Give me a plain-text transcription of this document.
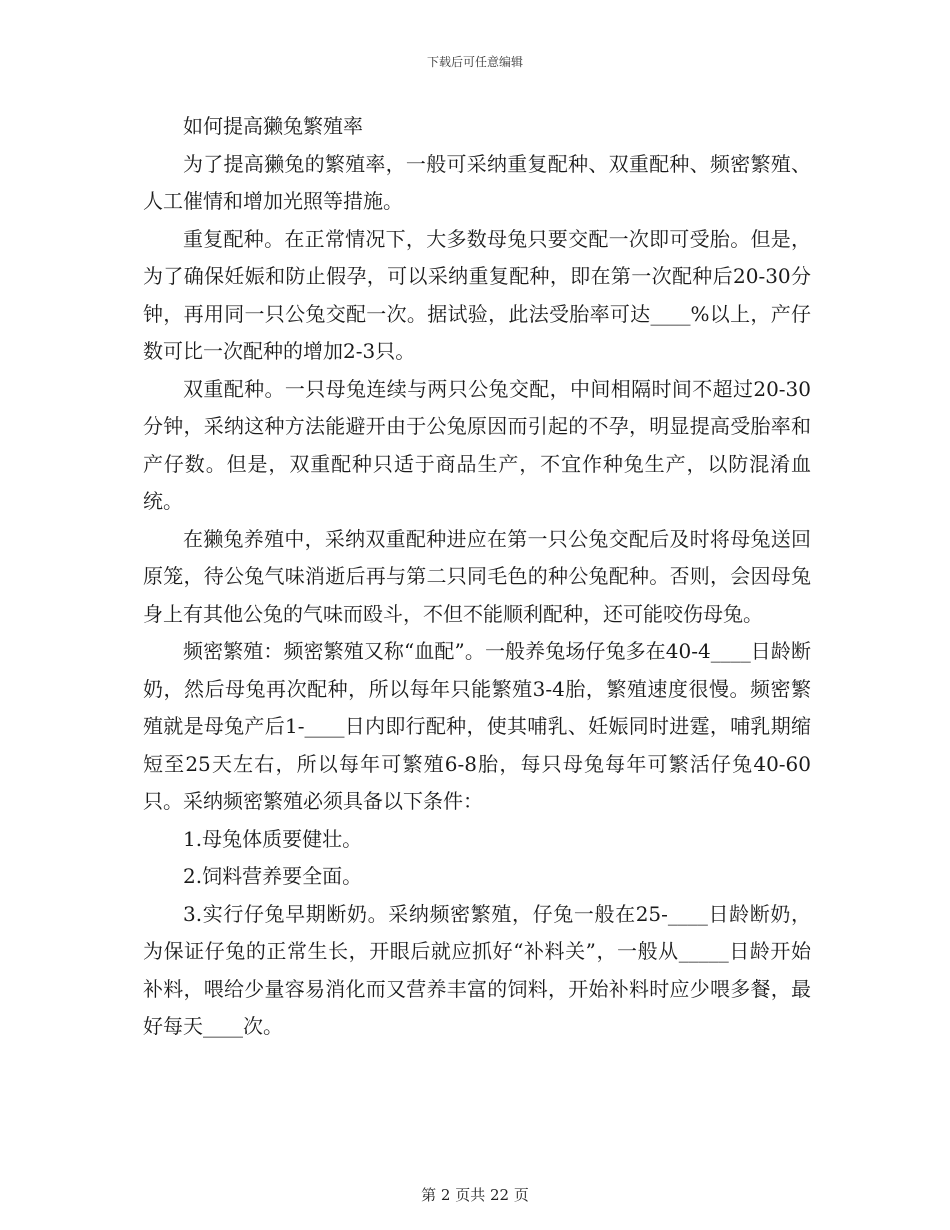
下载后可任意编辑

如何提高獭兔繁殖率

为了提高獭兔的繁殖率，一般可采纳重复配种、双重配种、频密繁殖、人工催情和增加光照等措施。

重复配种。在正常情况下，大多数母兔只要交配一次即可受胎。但是，为了确保妊娠和防止假孕，可以采纳重复配种，即在第一次配种后20-30分钟，再用同一只公兔交配一次。据试验，此法受胎率可达____%以上，产仔数可比一次配种的增加2-3只。

双重配种。一只母兔连续与两只公兔交配，中间相隔时间不超过20-30分钟，采纳这种方法能避开由于公兔原因而引起的不孕，明显提高受胎率和产仔数。但是，双重配种只适于商品生产，不宜作种兔生产，以防混淆血统。

在獭兔养殖中，采纳双重配种进应在第一只公兔交配后及时将母兔送回原笼，待公兔气味消逝后再与第二只同毛色的种公兔配种。否则，会因母兔身上有其他公兔的气味而殴斗，不但不能顺利配种，还可能咬伤母兔。

频密繁殖：频密繁殖又称“血配”。一般养兔场仔兔多在40-4____日龄断奶，然后母兔再次配种，所以每年只能繁殖3-4胎，繁殖速度很慢。频密繁殖就是母兔产后1-____日内即行配种，使其哺乳、妊娠同时进霆，哺乳期缩短至25天左右，所以每年可繁殖6-8胎，每只母兔每年可繁活仔兔40-60只。采纳频密繁殖必须具备以下条件：

1.母兔体质要健壮。

2.饲料营养要全面。

3.实行仔兔早期断奶。采纳频密繁殖，仔兔一般在25-____日龄断奶，为保证仔兔的正常生长，开眼后就应抓好“补料关”，一般从_____日龄开始补料，喂给少量容易消化而又营养丰富的饲料，开始补料时应少喂多餐，最好每天____次。

第 2 页共 22 页
